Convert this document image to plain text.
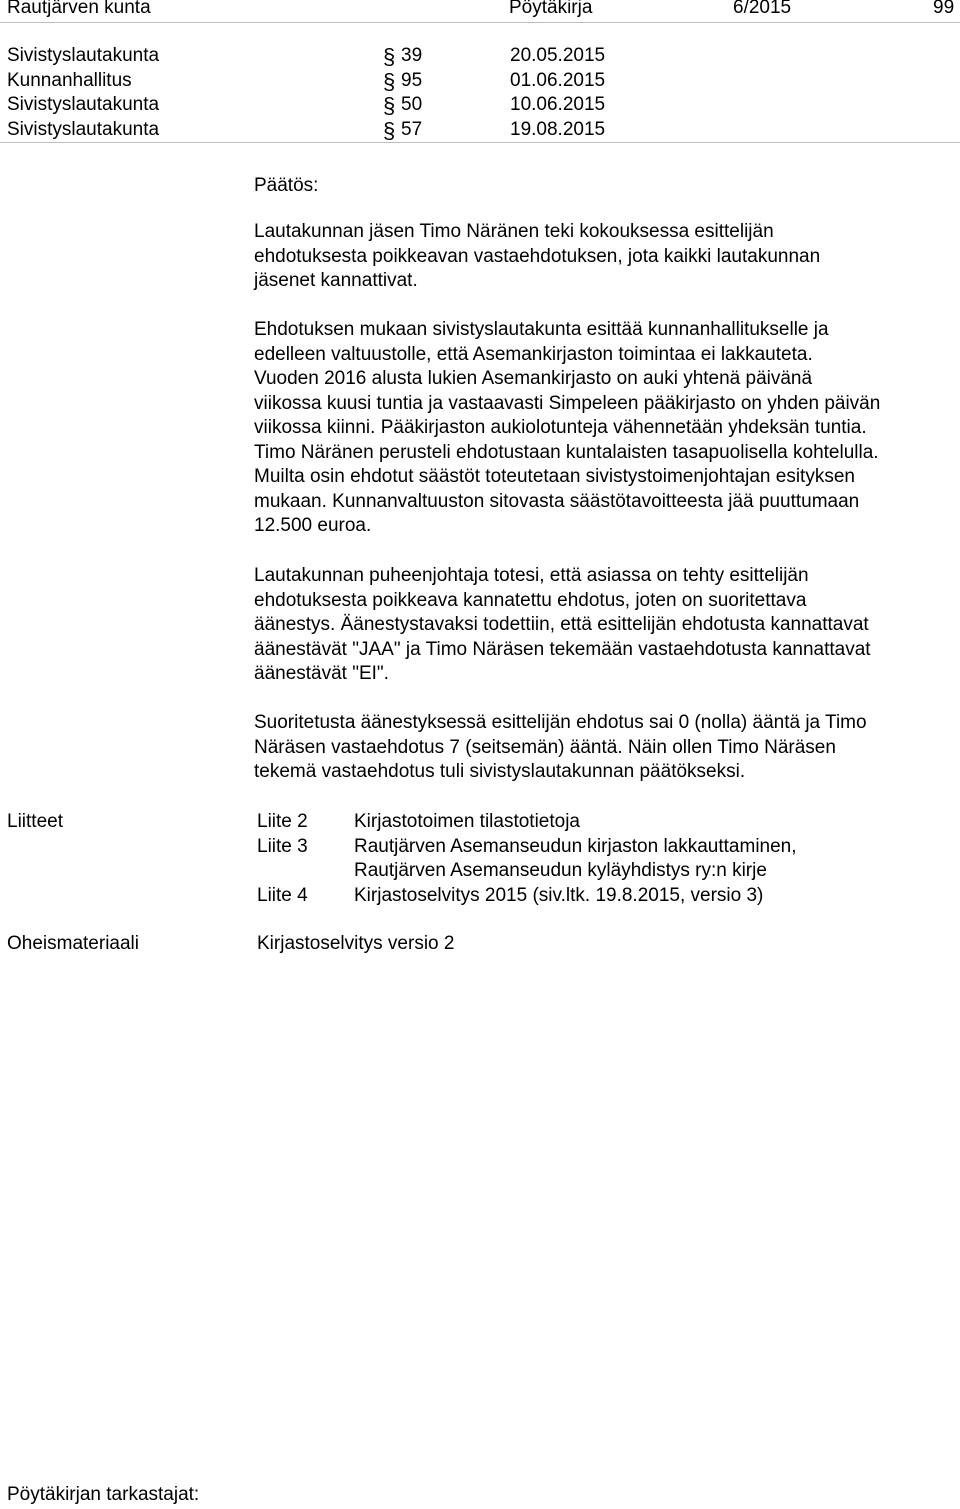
Rautjärven kunta	Pöytäkirja	6/2015	99
Sivistyslautakunta	§ 39	20.05.2015
Kunnanhallitus	§ 95	01.06.2015
Sivistyslautakunta	§ 50	10.06.2015
Sivistyslautakunta	§ 57	19.08.2015
Päätös:
Lautakunnan jäsen Timo Näränen teki kokouksessa esittelijän
ehdotuksesta poikkeavan vastaehdotuksen, jota kaikki lautakunnan
jäsenet kannattivat.
Ehdotuksen mukaan sivistyslautakunta esittää kunnanhallitukselle ja
edelleen valtuustolle, että Asemankirjaston toimintaa ei lakkauteta.
Vuoden 2016 alusta lukien Asemankirjasto on auki yhtenä päivänä
viikossa kuusi tuntia ja vastaavasti Simpeleen pääkirjasto on yhden päivän
viikossa kiinni. Pääkirjaston aukiolotunteja vähennetään yhdeksän tuntia.
Timo Näränen perusteli ehdotustaan kuntalaisten tasapuolisella kohtelulla.
Muilta osin ehdotut säästöt toteutetaan sivistystoimenjohtajan esityksen
mukaan. Kunnanvaltuuston sitovasta säästötavoitteesta jää puuttumaan
12.500 euroa.
Lautakunnan puheenjohtaja totesi, että asiassa on tehty esittelijän
ehdotuksesta poikkeava kannatettu ehdotus, joten on suoritettava
äänestys. Äänestystavaksi todettiin, että esittelijän ehdotusta kannattavat
äänestävät "JAA" ja Timo Näräsen tekemään vastaehdotusta kannattavat
äänestävät "EI".
Suoritetusta äänestyksessä esittelijän ehdotus sai 0 (nolla) ääntä ja Timo
Näräsen vastaehdotus 7 (seitsemän) ääntä. Näin ollen Timo Näräsen
tekemä vastaehdotus tuli sivistyslautakunnan päätökseksi.
Liitteet	Liite 2 Kirjastotoimen tilastotietoja
Liite 3 Rautjärven Asemanseudun kirjaston lakkauttaminen,
Rautjärven Asemanseudun kyläyhdistys ry:n kirje
Liite 4 Kirjastoselvitys 2015 (siv.ltk. 19.8.2015, versio 3)
Oheismateriaali	Kirjastoselvitys versio 2
Pöytäkirjan tarkastajat:
